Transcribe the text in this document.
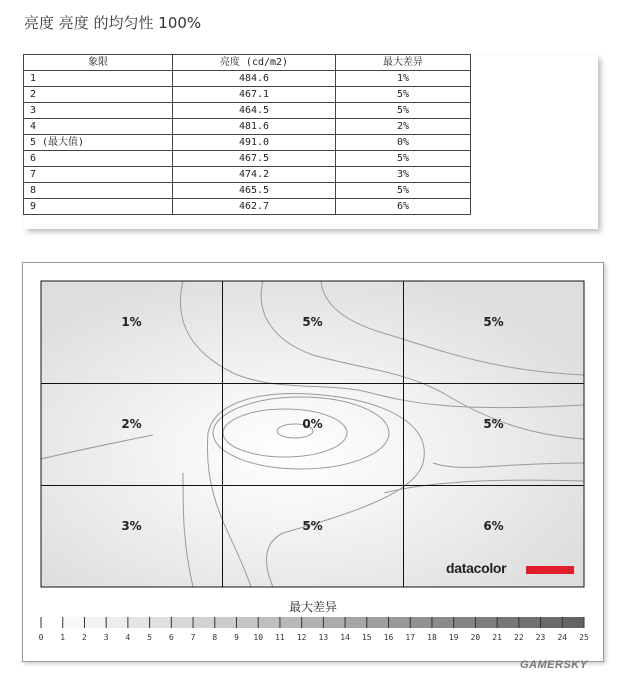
亮度 亮度 的均匀性 100%
象限	亮度 (cd/m2)	最大差异
1	484.6	1%
2	467.1	5%
3	464.5	5%
4	481.6	2%
5 (最大值)	491.0	0%
6	467.5	5%
7	474.2	3%
8	465.5	5%
9	462.7	6%
1%	5%	5%
2%	0%	5%
3%	5%	6%
最大差异
0 1 2 3 4 5 6 7 8 9 10 11 12 13 14 15 16 17 18 19 20 21 22 23 24 25
datacolor
GAMERSKY
